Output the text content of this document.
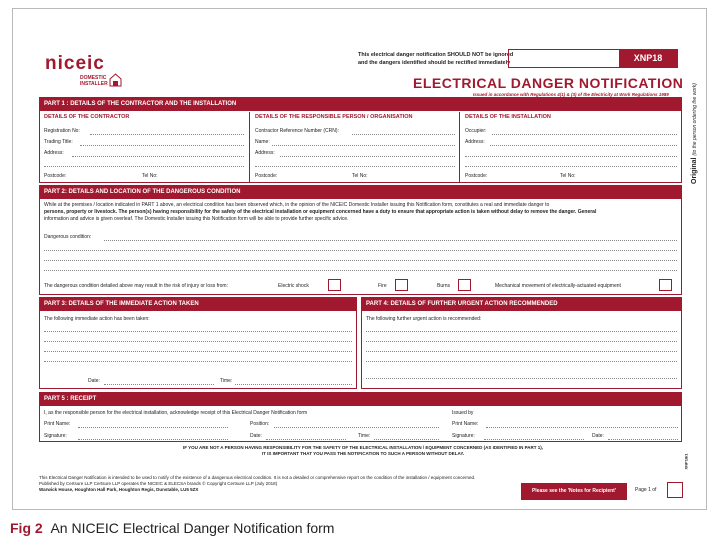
niceic
DOMESTIC INSTALLER
This electrical danger notification SHOULD NOT be ignored
and the dangers identified should be rectified immediately	XNP18
ELECTRICAL DANGER NOTIFICATION
Issued in accordance with Regulations 4(1) & (3) of the Electricity at Work Regulations 1989
Original (to the person ordering the work)
PART 1 : DETAILS OF THE CONTRACTOR AND THE INSTALLATION
DETAILS OF THE CONTRACTOR	DETAILS OF THE RESPONSIBLE PERSON / ORGANISATION	DETAILS OF THE INSTALLATION
Registration No:
Trading Title:
Address:
Postcode:	Tel No:
Contractor Reference Number (CRN):
Name:
Address:
Postcode:	Tel No:
Occupier:
Address:
Postcode:	Tel No:
PART 2: DETAILS AND LOCATION OF THE DANGEROUS CONDITION
While at the premises / location indicated in PART 1 above, an electrical condition has been observed which, in the opinion of the NICEIC Domestic Installer issuing this Notification form, constitutes a real and immediate danger to
persons, property or livestock. The person(s) having responsibility for the safety of the electrical installation or equipment concerned have a duty to ensure that appropriate action is taken without delay to remove the danger. General
information and advice is given overleaf. The Domestic Installer issuing this Notification form will be able to provide further specific advice.
Dangerous condition:
The dangerous condition detailed above may result in the risk of injury or loss from:	Electric shock	Fire	Burns	Mechanical movement of electrically-actuated equipment
PART 3: DETAILS OF THE IMMEDIATE ACTION TAKEN
The following immediate action has been taken:
Date:	Time:
PART 4: DETAILS OF FURTHER URGENT ACTION RECOMMENDED
The following further urgent action is recommended:
PART 5 : RECEIPT
I, as the responsible person for the electrical installation, acknowledge receipt of this Electrical Danger Notification form	Issued by
Print Name:	Position:	Print Name:
Signature:	Date:	Time:	Signature:	Date:
IF YOU ARE NOT A PERSON HAVING RESPONSIBILITY FOR THE SAFETY OF THE ELECTRICAL INSTALLATION / EQUIPMENT CONCERNED (AS IDENTIFIED IN PART 1),
IT IS IMPORTANT THAT YOU PASS THE NOTIFICATION TO SUCH A PERSON WITHOUT DELAY.
This Electrical Danger Notification is intended to be used to notify of the existence of a dangerous electrical condition. It is not a detailed or comprehensive report on the condition of the installation / equipment concerned.
Published by Certsure LLP Certsure LLP operates the NICEIC & ELECSA brands © Copyright Certsure LLP (July 2018)
Warwick House, Houghton Hall Park, Houghton Regis, Dunstable, LU5 5ZX	Please see the 'Notes for Recipient'	Page 1 of
XNP18/1
Fig 2 An NICEIC Electrical Danger Notification form
